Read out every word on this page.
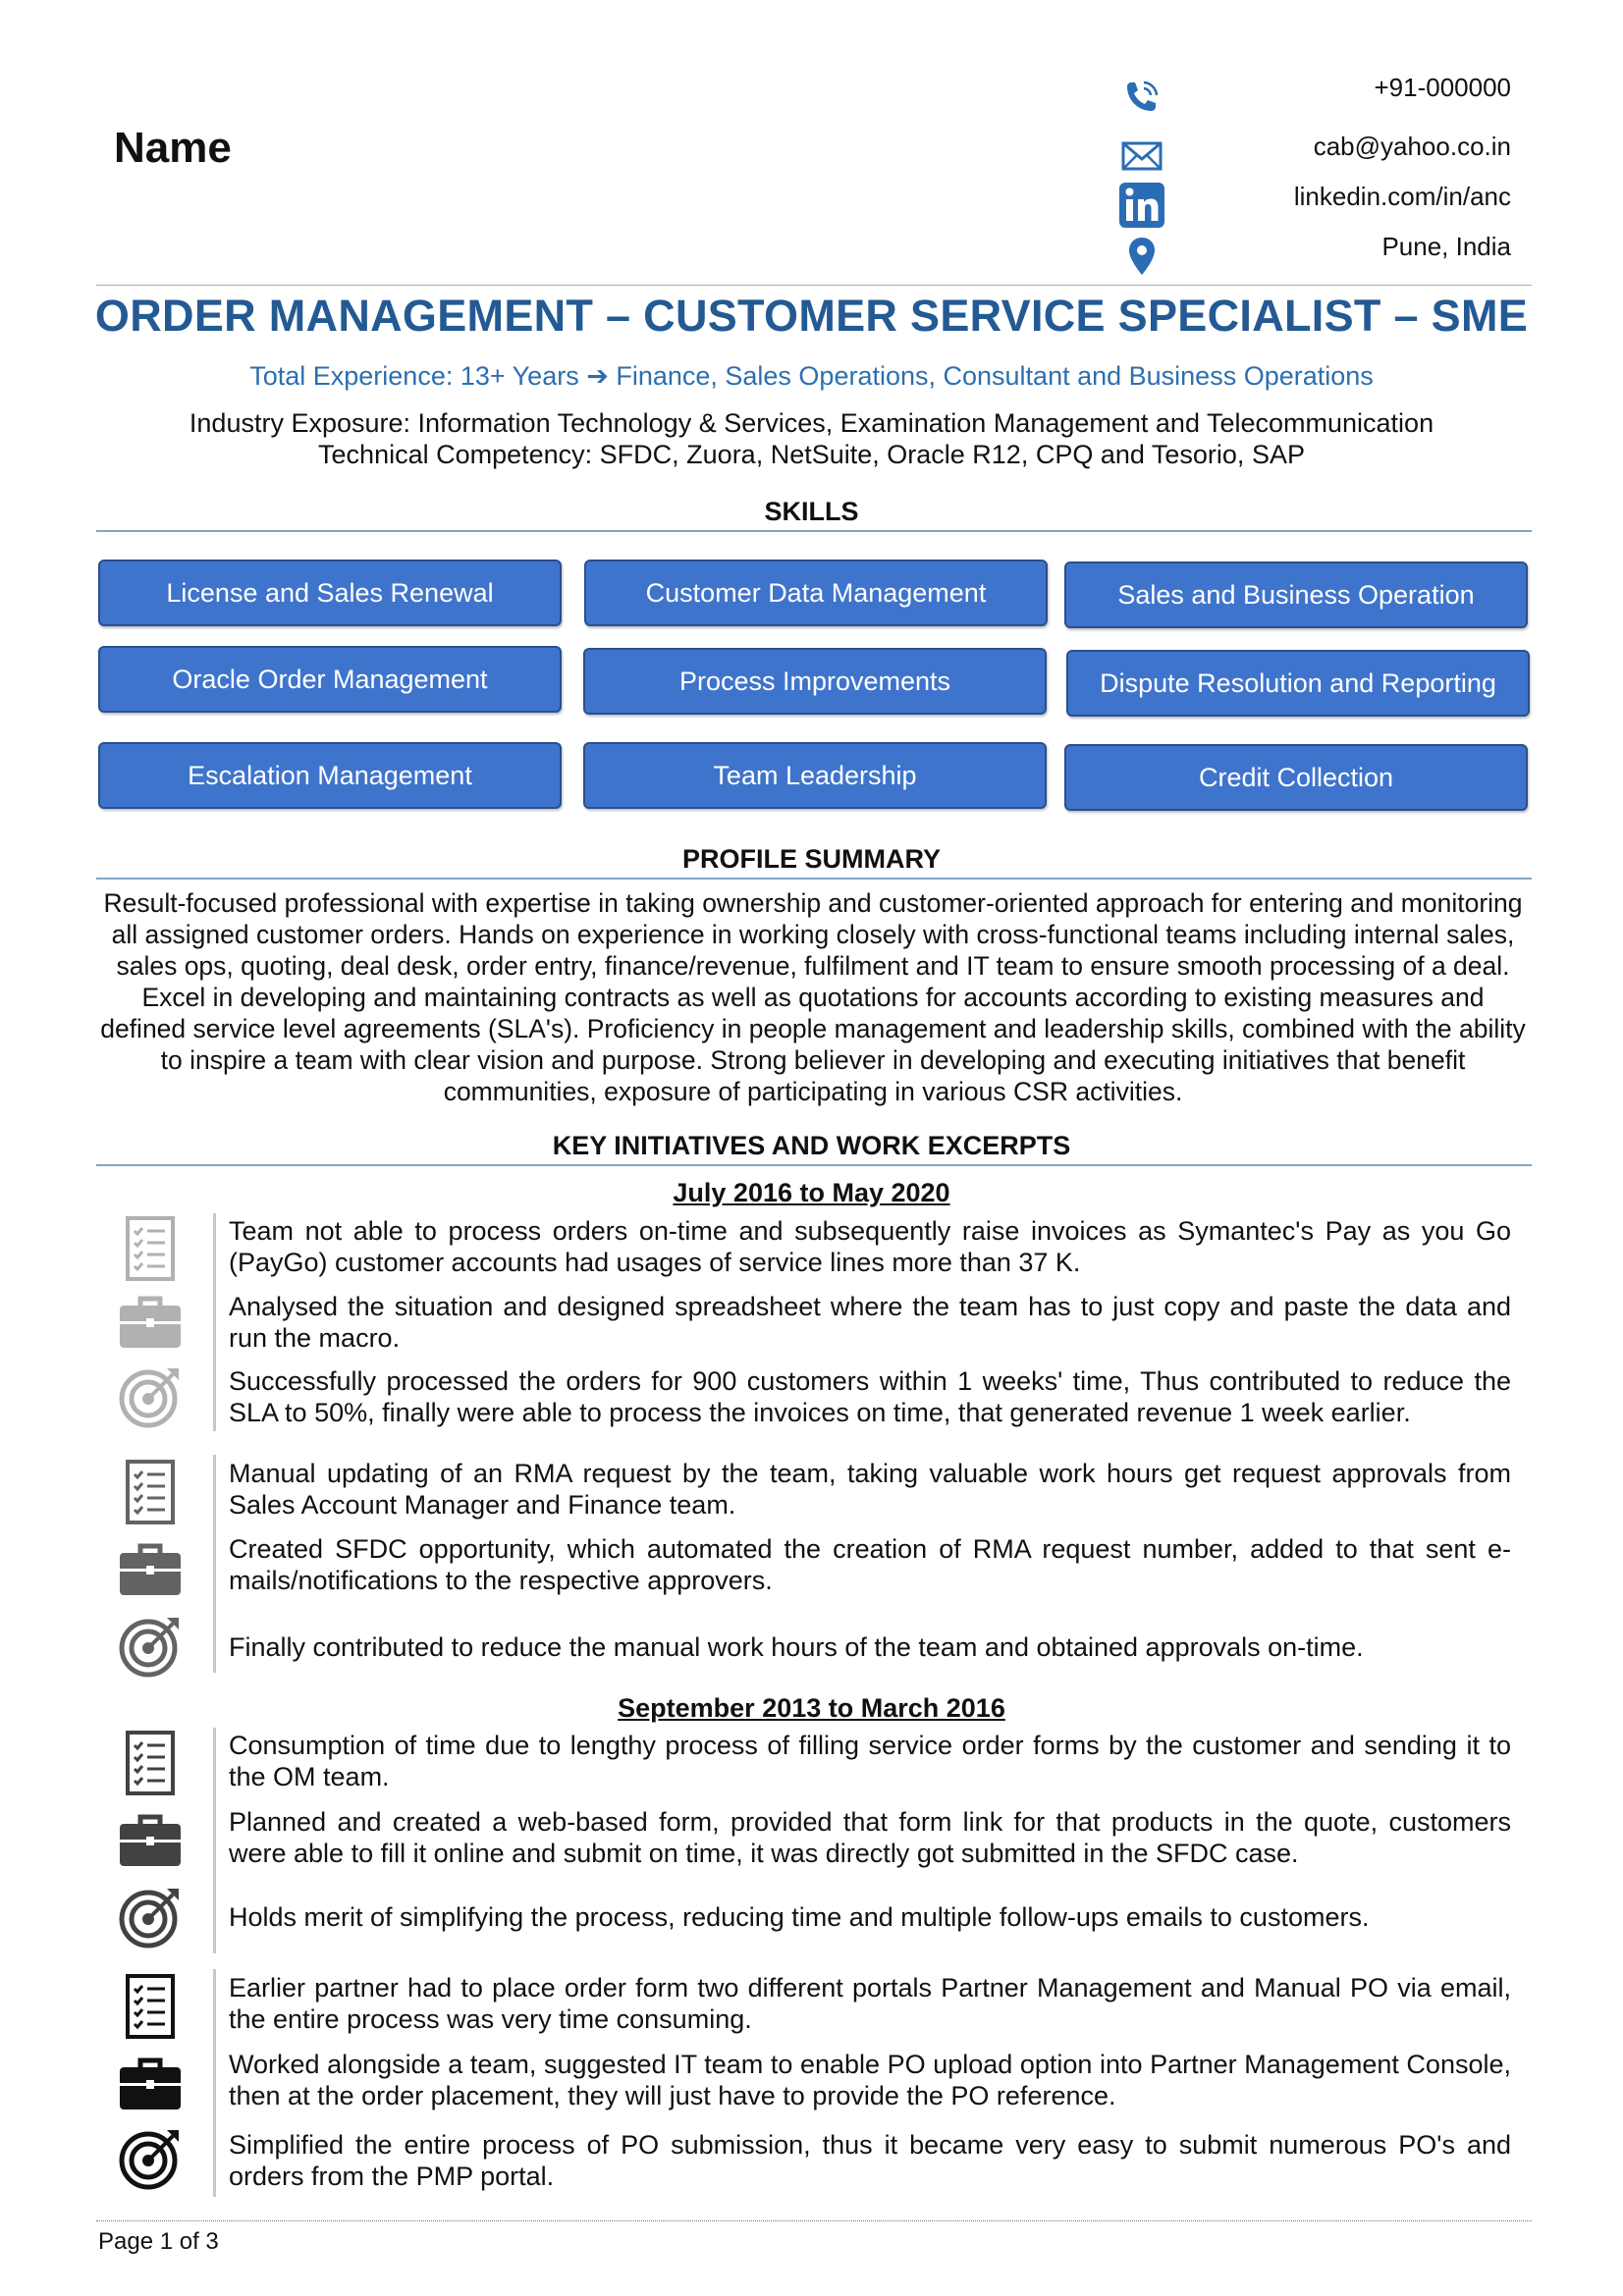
Name
+91-000000
cab@yahoo.co.in
linkedin.com/in/anc
Pune, India
ORDER MANAGEMENT – CUSTOMER SERVICE SPECIALIST – SME
Total Experience: 13+ Years ➔ Finance, Sales Operations, Consultant and Business Operations
Industry Exposure: Information Technology & Services, Examination Management and Telecommunication
Technical Competency: SFDC, Zuora, NetSuite, Oracle R12, CPQ and Tesorio, SAP
SKILLS
License and Sales Renewal	Customer Data Management	Sales and Business Operation
Oracle Order Management	Process Improvements	Dispute Resolution and Reporting
Escalation Management	Team Leadership	Credit Collection
PROFILE SUMMARY
Result-focused professional with expertise in taking ownership and customer-oriented approach for entering and monitoring all assigned customer orders. Hands on experience in working closely with cross-functional teams including internal sales, sales ops, quoting, deal desk, order entry, finance/revenue, fulfilment and IT team to ensure smooth processing of a deal. Excel in developing and maintaining contracts as well as quotations for accounts according to existing measures and defined service level agreements (SLA's). Proficiency in people management and leadership skills, combined with the ability to inspire a team with clear vision and purpose. Strong believer in developing and executing initiatives that benefit communities, exposure of participating in various CSR activities.
KEY INITIATIVES AND WORK EXCERPTS
July 2016 to May 2020
September 2013 to March 2016
Team not able to process orders on-time and subsequently raise invoices as Symantec's Pay as you Go (PayGo) customer accounts had usages of service lines more than 37 K.
Analysed the situation and designed spreadsheet where the team has to just copy and paste the data and run the macro.
Successfully processed the orders for 900 customers within 1 weeks' time, Thus contributed to reduce the SLA to 50%, finally were able to process the invoices on time, that generated revenue 1 week earlier.
Manual updating of an RMA request by the team, taking valuable work hours get request approvals from Sales Account Manager and Finance team.
Created SFDC opportunity, which automated the creation of RMA request number, added to that sent e-mails/notifications to the respective approvers.
Finally contributed to reduce the manual work hours of the team and obtained approvals on-time.
Consumption of time due to lengthy process of filling service order forms by the customer and sending it to the OM team.
Planned and created a web-based form, provided that form link for that products in the quote, customers were able to fill it online and submit on time, it was directly got submitted in the SFDC case.
Holds merit of simplifying the process, reducing time and multiple follow-ups emails to customers.
Earlier partner had to place order form two different portals Partner Management and Manual PO via email, the entire process was very time consuming.
Worked alongside a team, suggested IT team to enable PO upload option into Partner Management Console, then at the order placement, they will just have to provide the PO reference.
Simplified the entire process of PO submission, thus it became very easy to submit numerous PO's and orders from the PMP portal.
Page 1 of 3
